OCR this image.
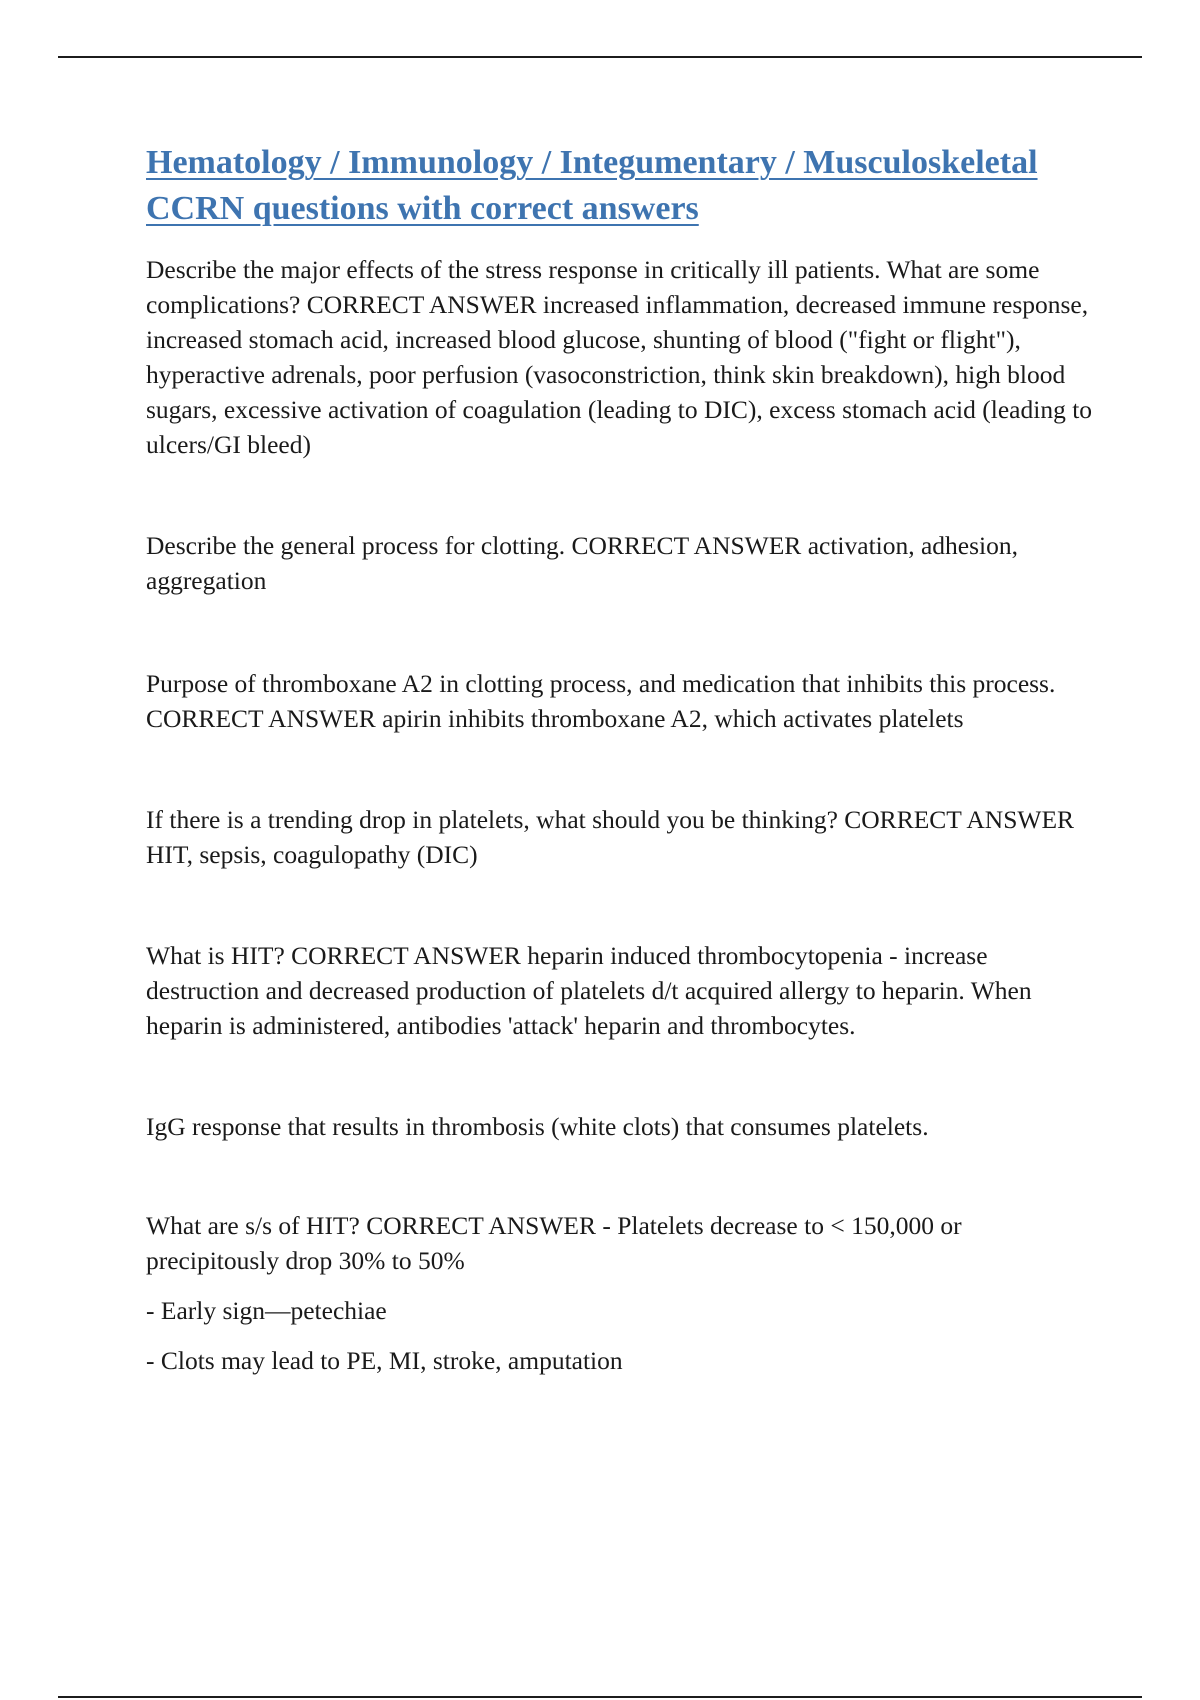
Hematology / Immunology / Integumentary / Musculoskeletal CCRN questions with correct answers

Describe the major effects of the stress response in critically ill patients. What are some complications? CORRECT ANSWER increased inflammation, decreased immune response, increased stomach acid, increased blood glucose, shunting of blood ("fight or flight"), hyperactive adrenals, poor perfusion (vasoconstriction, think skin breakdown), high blood sugars, excessive activation of coagulation (leading to DIC), excess stomach acid (leading to ulcers/GI bleed)

Describe the general process for clotting. CORRECT ANSWER activation, adhesion, aggregation

Purpose of thromboxane A2 in clotting process, and medication that inhibits this process. CORRECT ANSWER apirin inhibits thromboxane A2, which activates platelets

If there is a trending drop in platelets, what should you be thinking? CORRECT ANSWER HIT, sepsis, coagulopathy (DIC)

What is HIT? CORRECT ANSWER heparin induced thrombocytopenia - increase destruction and decreased production of platelets d/t acquired allergy to heparin. When heparin is administered, antibodies 'attack' heparin and thrombocytes.

IgG response that results in thrombosis (white clots) that consumes platelets.

What are s/s of HIT? CORRECT ANSWER - Platelets decrease to < 150,000 or precipitously drop 30% to 50%

- Early sign—petechiae

- Clots may lead to PE, MI, stroke, amputation
